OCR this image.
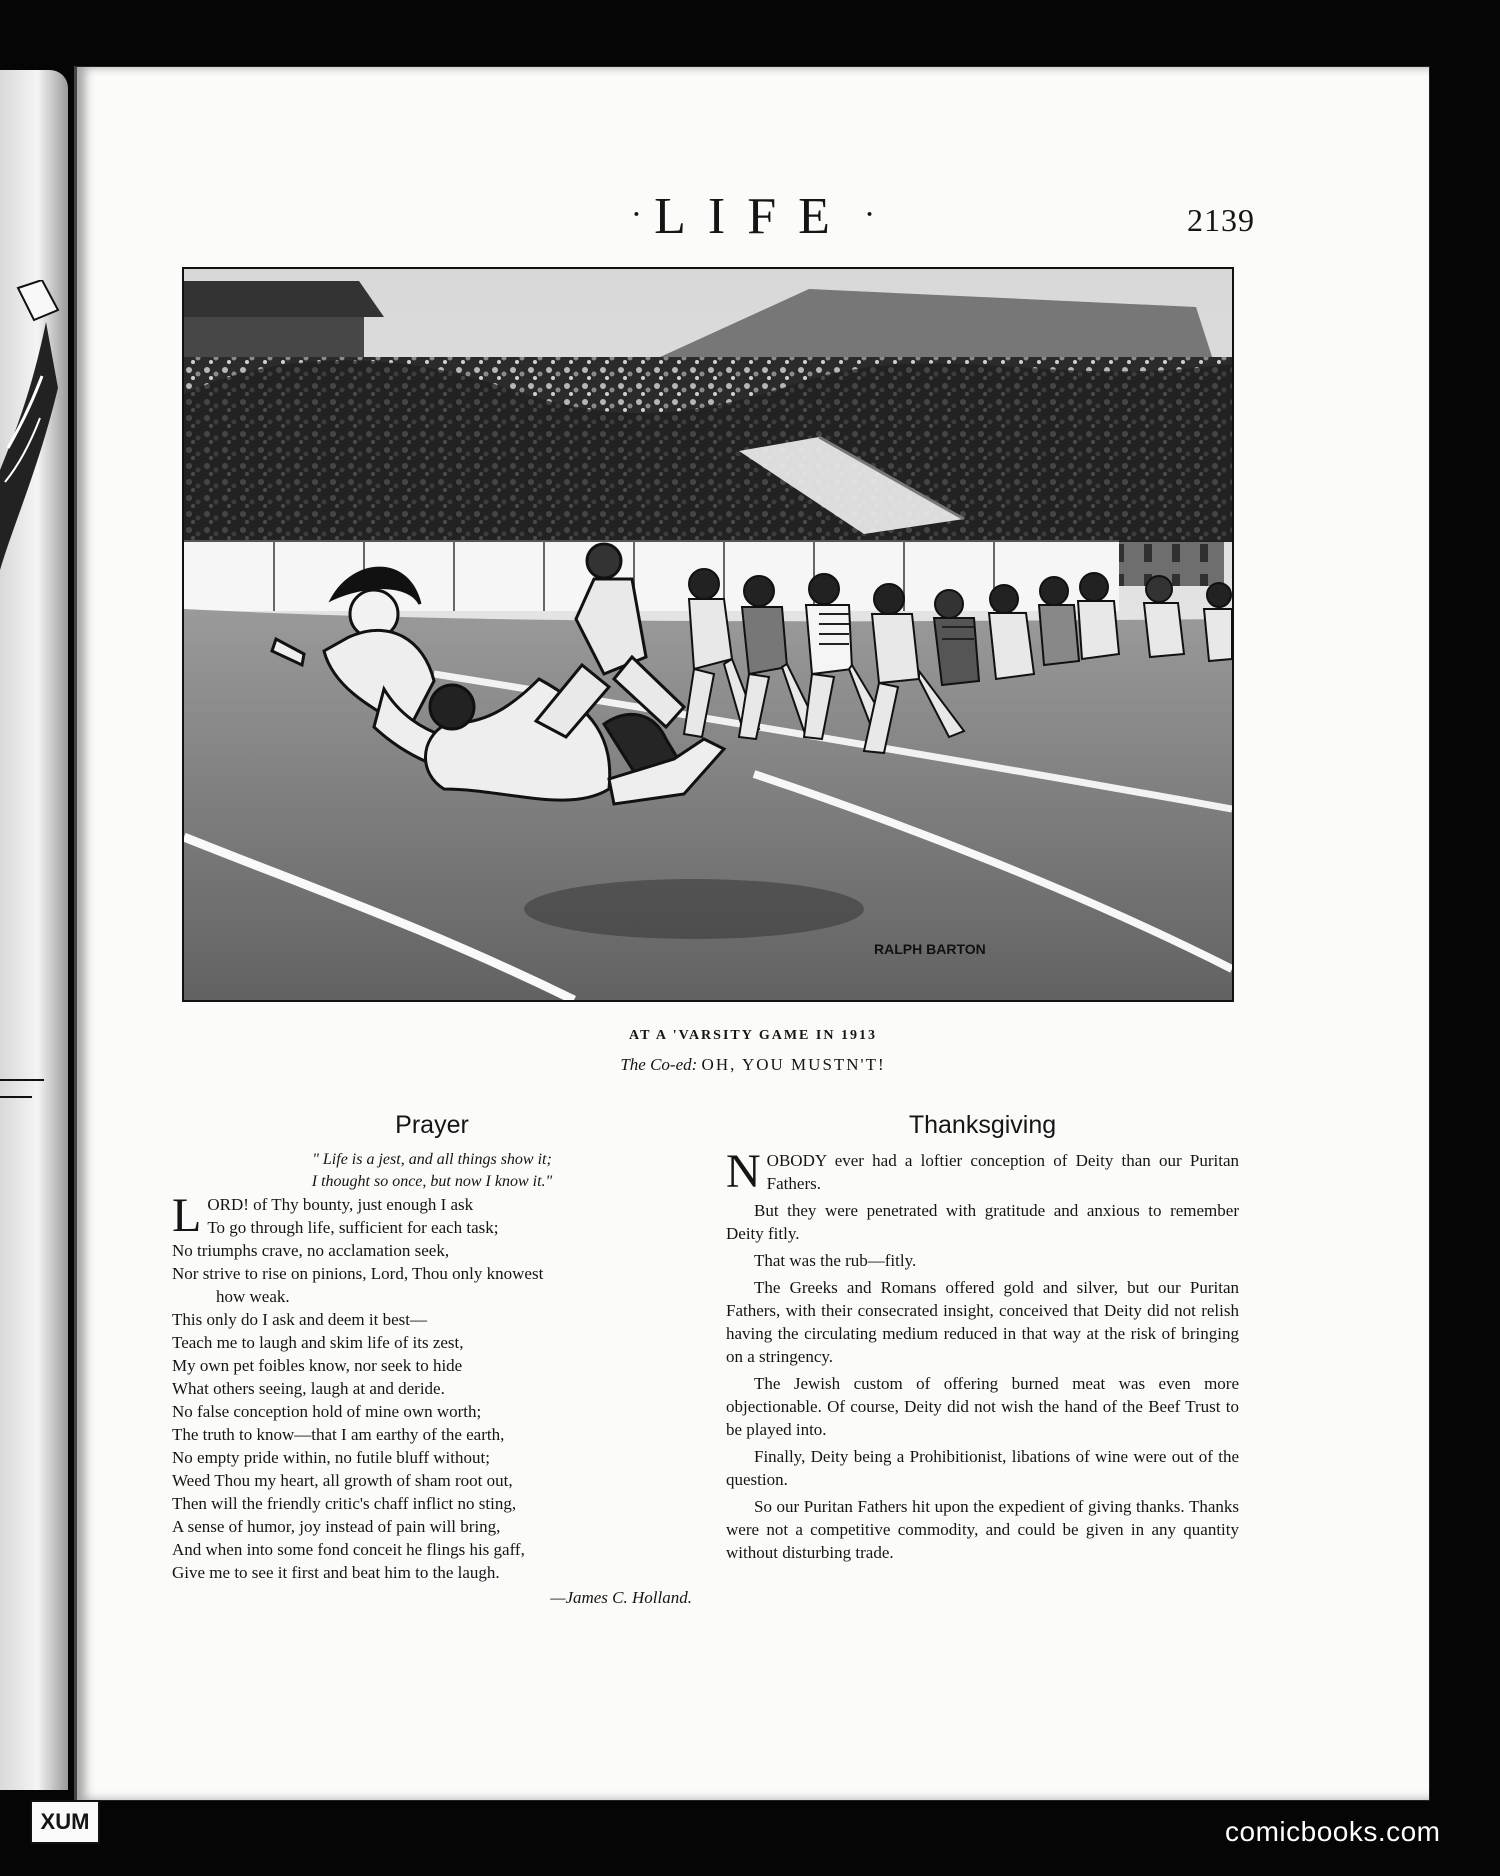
· LIFE ·	2139
RALPH BARTON
AT A 'VARSITY GAME IN 1913
The Co-ed: OH, YOU MUSTN'T!
Prayer
" Life is a jest, and all things show it;
I thought so once, but now I know it."
L ORD! of Thy bounty, just enough I ask
To go through life, sufficient for each task;
No triumphs crave, no acclamation seek,
Nor strive to rise on pinions, Lord, Thou only knowest
how weak.
This only do I ask and deem it best—
Teach me to laugh and skim life of its zest,
My own pet foibles know, nor seek to hide
What others seeing, laugh at and deride.
No false conception hold of mine own worth;
The truth to know—that I am earthy of the earth,
No empty pride within, no futile bluff without;
Weed Thou my heart, all growth of sham root out,
Then will the friendly critic's chaff inflict no sting,
A sense of humor, joy instead of pain will bring,
And when into some fond conceit he flings his gaff,
Give me to see it first and beat him to the laugh.
—James C. Holland.
Thanksgiving
N OBODY ever had a loftier conception of Deity than our Puritan Fathers.

But they were penetrated with gratitude and anxious to remember Deity fitly.

That was the rub—fitly.

The Greeks and Romans offered gold and silver, but our Puritan Fathers, with their consecrated insight, conceived that Deity did not relish having the circulating medium reduced in that way at the risk of bringing on a stringency.

The Jewish custom of offering burned meat was even more objectionable. Of course, Deity did not wish the hand of the Beef Trust to be played into.

Finally, Deity being a Prohibitionist, libations of wine were out of the question.

So our Puritan Fathers hit upon the expedient of giving thanks. Thanks were not a competitive commodity, and could be given in any quantity without disturbing trade.

XUM	comicbooks.com
